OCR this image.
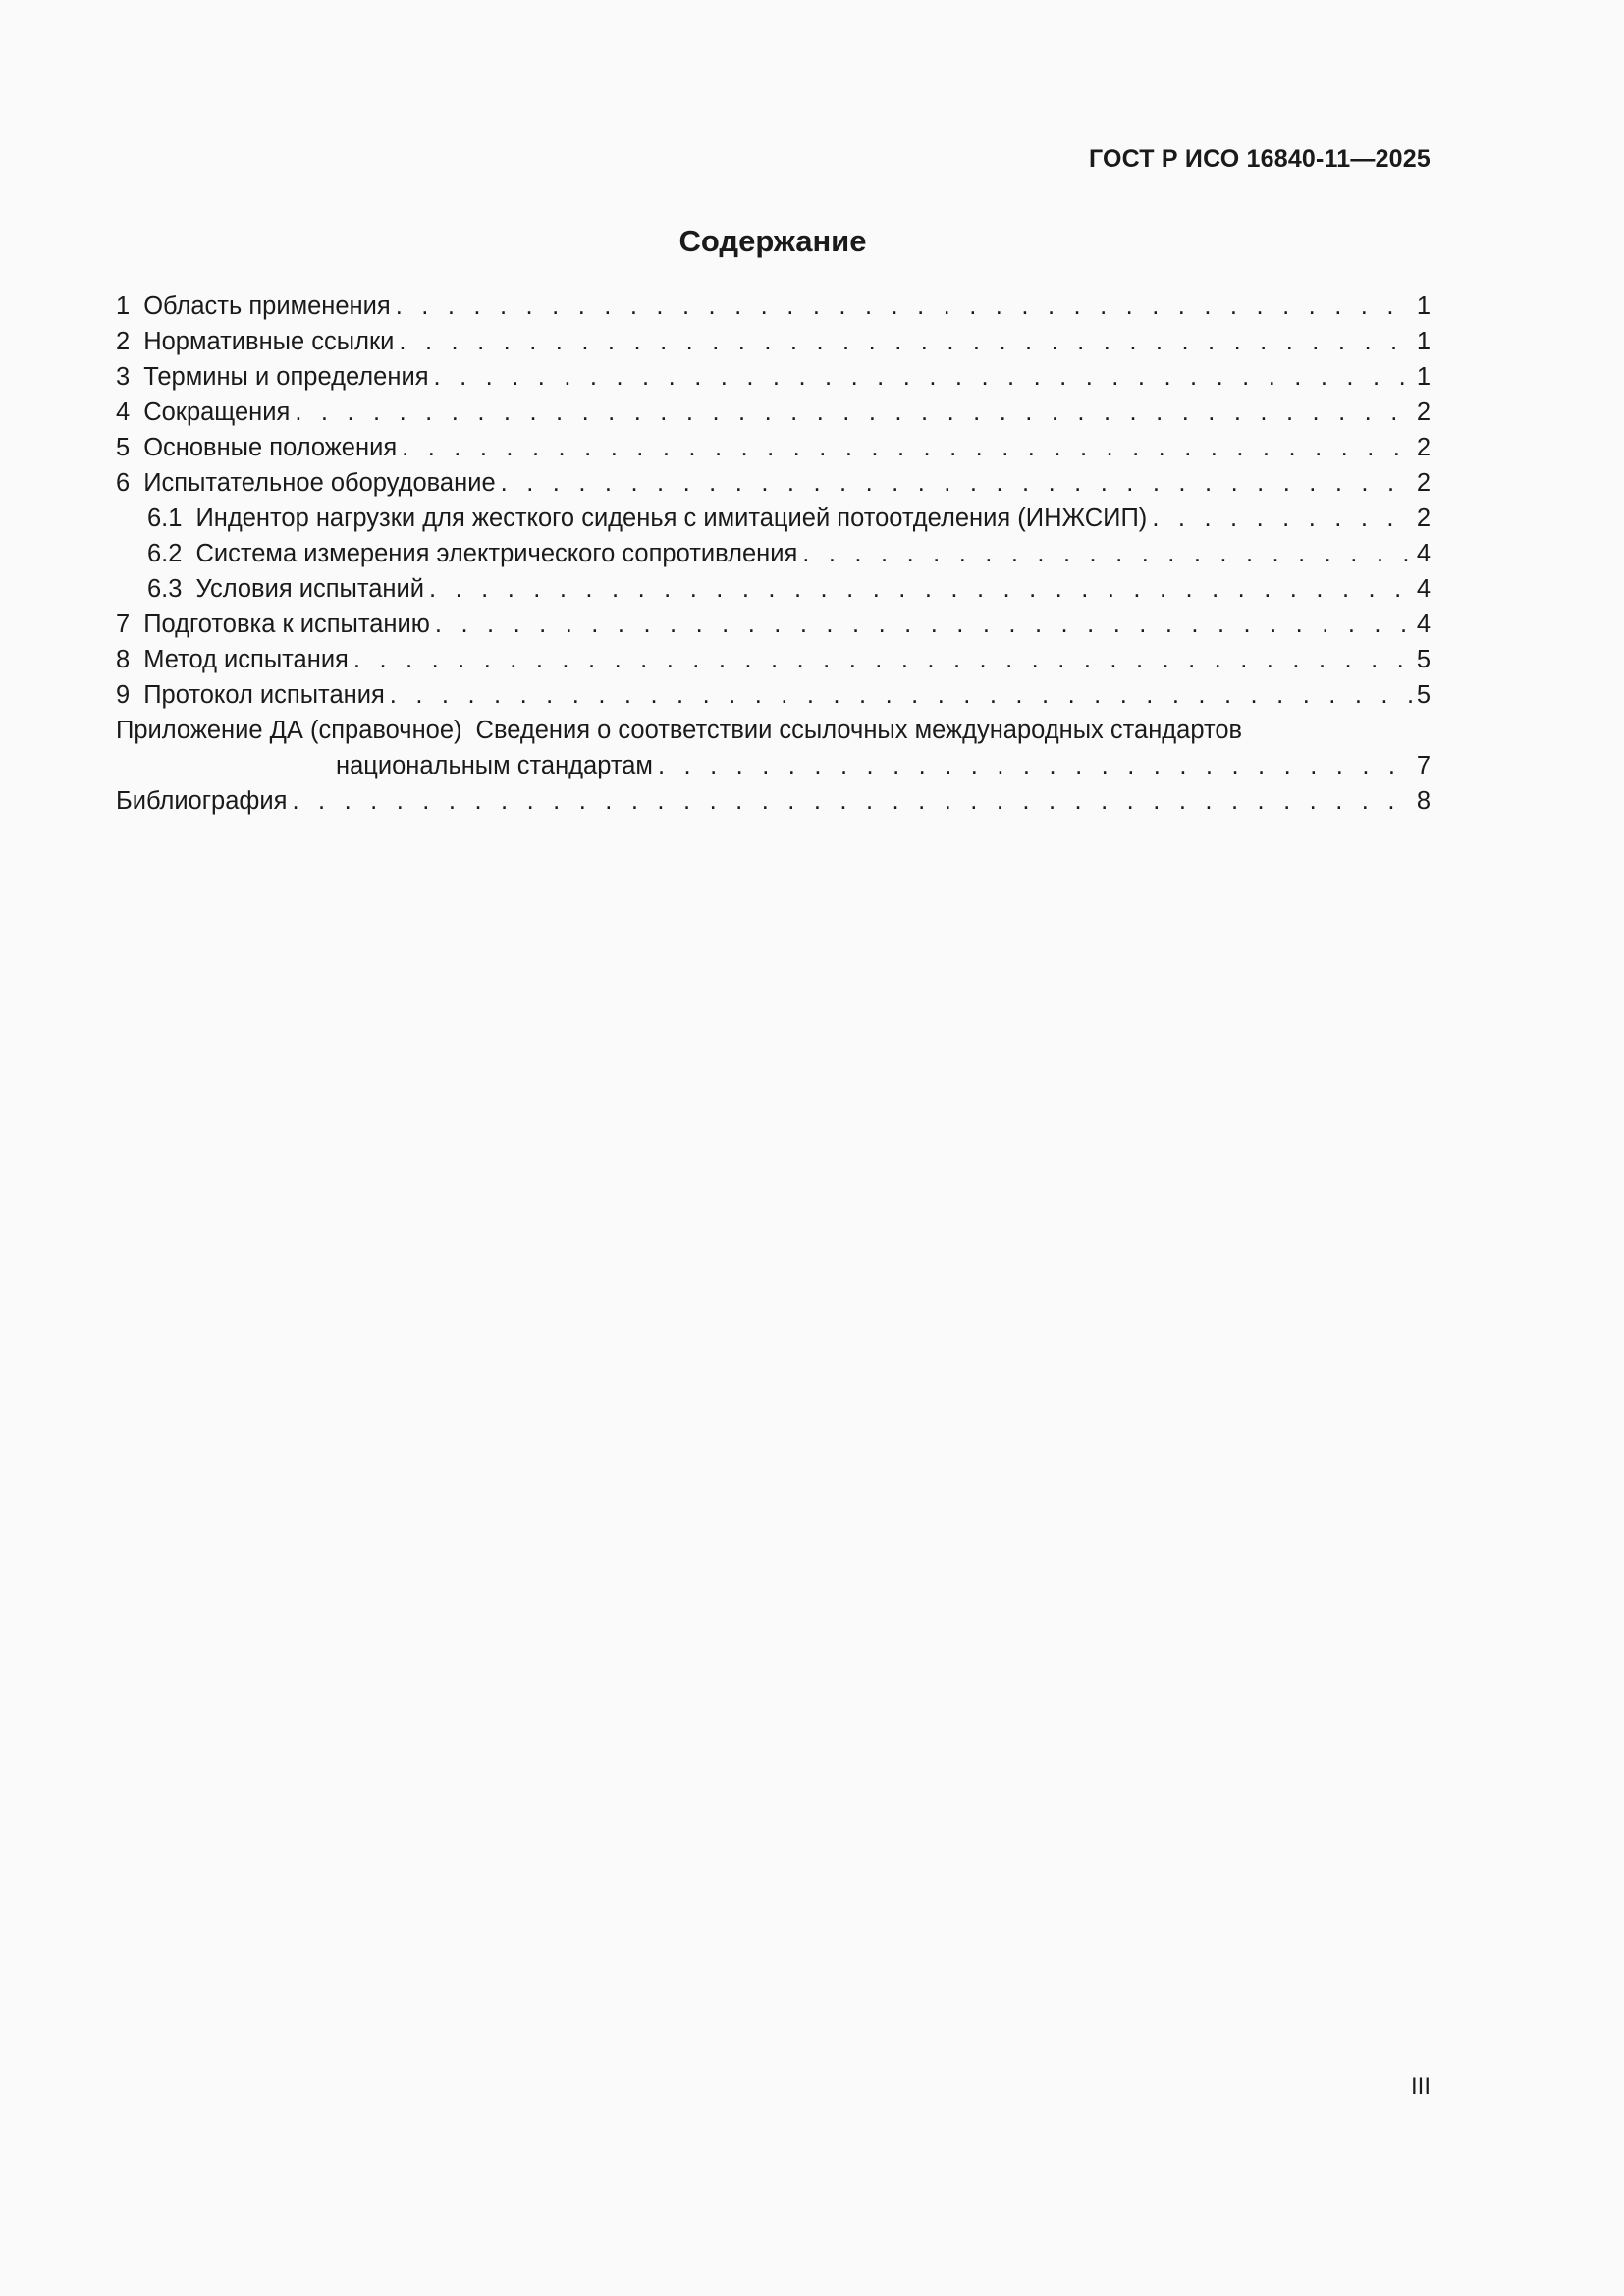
ГОСТ Р ИСО 16840-11—2025
Содержание
1 Область применения . . .	1
2 Нормативные ссылки . . .	1
3 Термины и определения . . .	1
4 Сокращения . . .	2
5 Основные положения . . .	2
6 Испытательное оборудование . . .	2
6.1 Индентор нагрузки для жесткого сиденья с имитацией потоотделения (ИНЖСИП) . . .	2
6.2 Система измерения электрического сопротивления . . .	4
6.3 Условия испытаний . . .	4
7 Подготовка к испытанию . . .	4
8 Метод испытания . . .	5
9 Протокол испытания . . .	5
Приложение ДА (справочное) Сведения о соответствии ссылочных международных стандартов
национальным стандартам . . .	7
Библиография . . .	8
III
